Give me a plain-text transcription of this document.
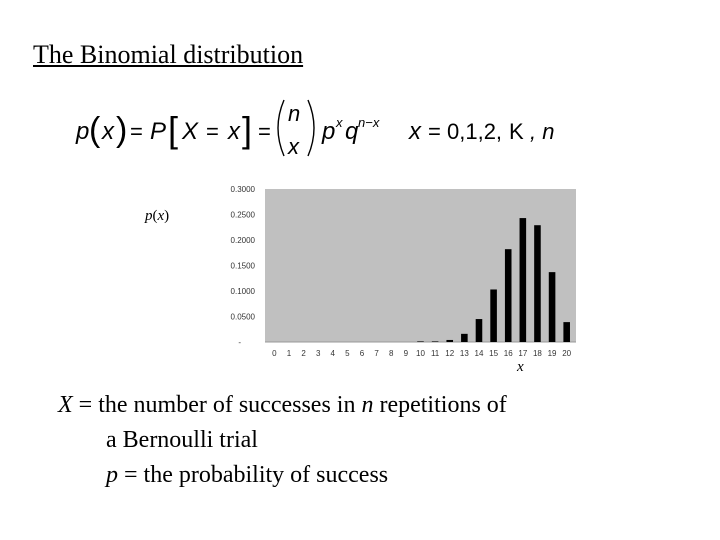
The Binomial distribution
p ( x ) = P [ X = x ] =
n
x
p x q n−x x = 0,1,2, K , n
p(x)
-
0.0500
0.1000
0.1500
0.2000
0.2500
0.3000
0 1 2 3 4 5 6 7 8 9 10 11 12 13 14 15 16 17 18 19 20
x
X = the number of successes in n repetitions of
a Bernoulli trial
p = the probability of success
